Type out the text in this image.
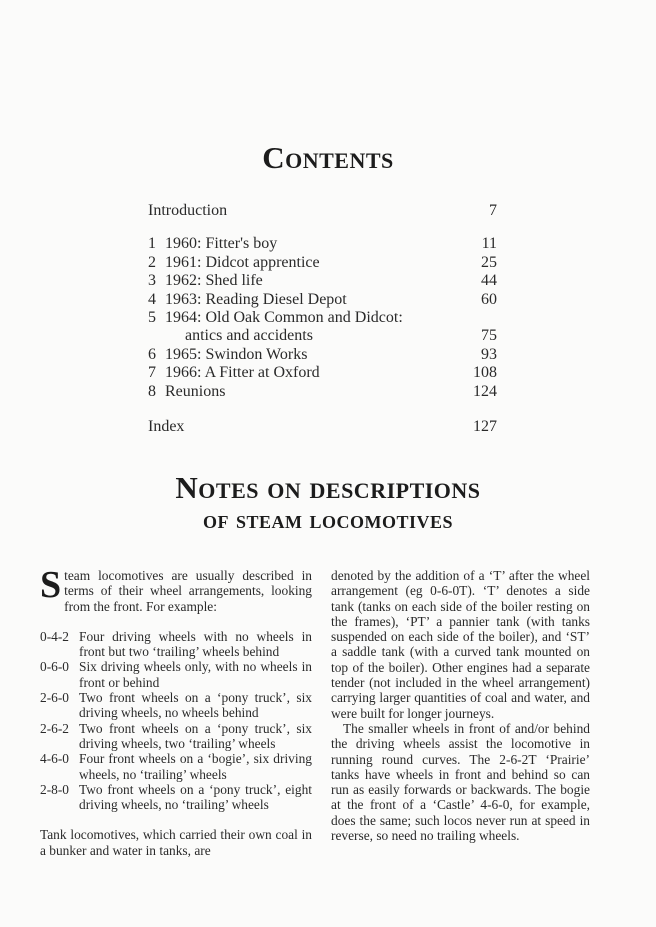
Contents
Introduction	7
1 1960: Fitter's boy	11
2 1961: Didcot apprentice	25
3 1962: Shed life	44
4 1963: Reading Diesel Depot	60
5 1964: Old Oak Common and Didcot:
antics and accidents	75
6 1965: Swindon Works	93
7 1966: A Fitter at Oxford	108
8 Reunions	124
Index	127
Notes on descriptions
of steam locomotives

Steam locomotives are usually described in terms of their wheel arrangements, looking from the front. For example:

0-4-2 Four driving wheels with no wheels in front but two ‘trailing’ wheels behind
0-6-0 Six driving wheels only, with no wheels in front or behind
2-6-0 Two front wheels on a ‘pony truck’, six driving wheels, no wheels behind
2-6-2 Two front wheels on a ‘pony truck’, six driving wheels, two ‘trailing’ wheels
4-6-0 Four front wheels on a ‘bogie’, six driving wheels, no ‘trailing’ wheels
2-8-0 Two front wheels on a ‘pony truck’, eight driving wheels, no ‘trailing’ wheels

Tank locomotives, which carried their own coal in a bunker and water in tanks, are

denoted by the addition of a ‘T’ after the wheel arrangement (eg 0-6-0T). ‘T’ denotes a side tank (tanks on each side of the boiler resting on the frames), ‘PT’ a pannier tank (with tanks suspended on each side of the boiler), and ‘ST’ a saddle tank (with a curved tank mounted on top of the boiler). Other engines had a separate tender (not included in the wheel arrangement) carrying larger quantities of coal and water, and were built for longer journeys.

The smaller wheels in front of and/or behind the driving wheels assist the locomotive in running round curves. The 2-6-2T ‘Prairie’ tanks have wheels in front and behind so can run as easily forwards or backwards. The bogie at the front of a ‘Castle’ 4-6-0, for example, does the same; such locos never run at speed in reverse, so need no trailing wheels.
